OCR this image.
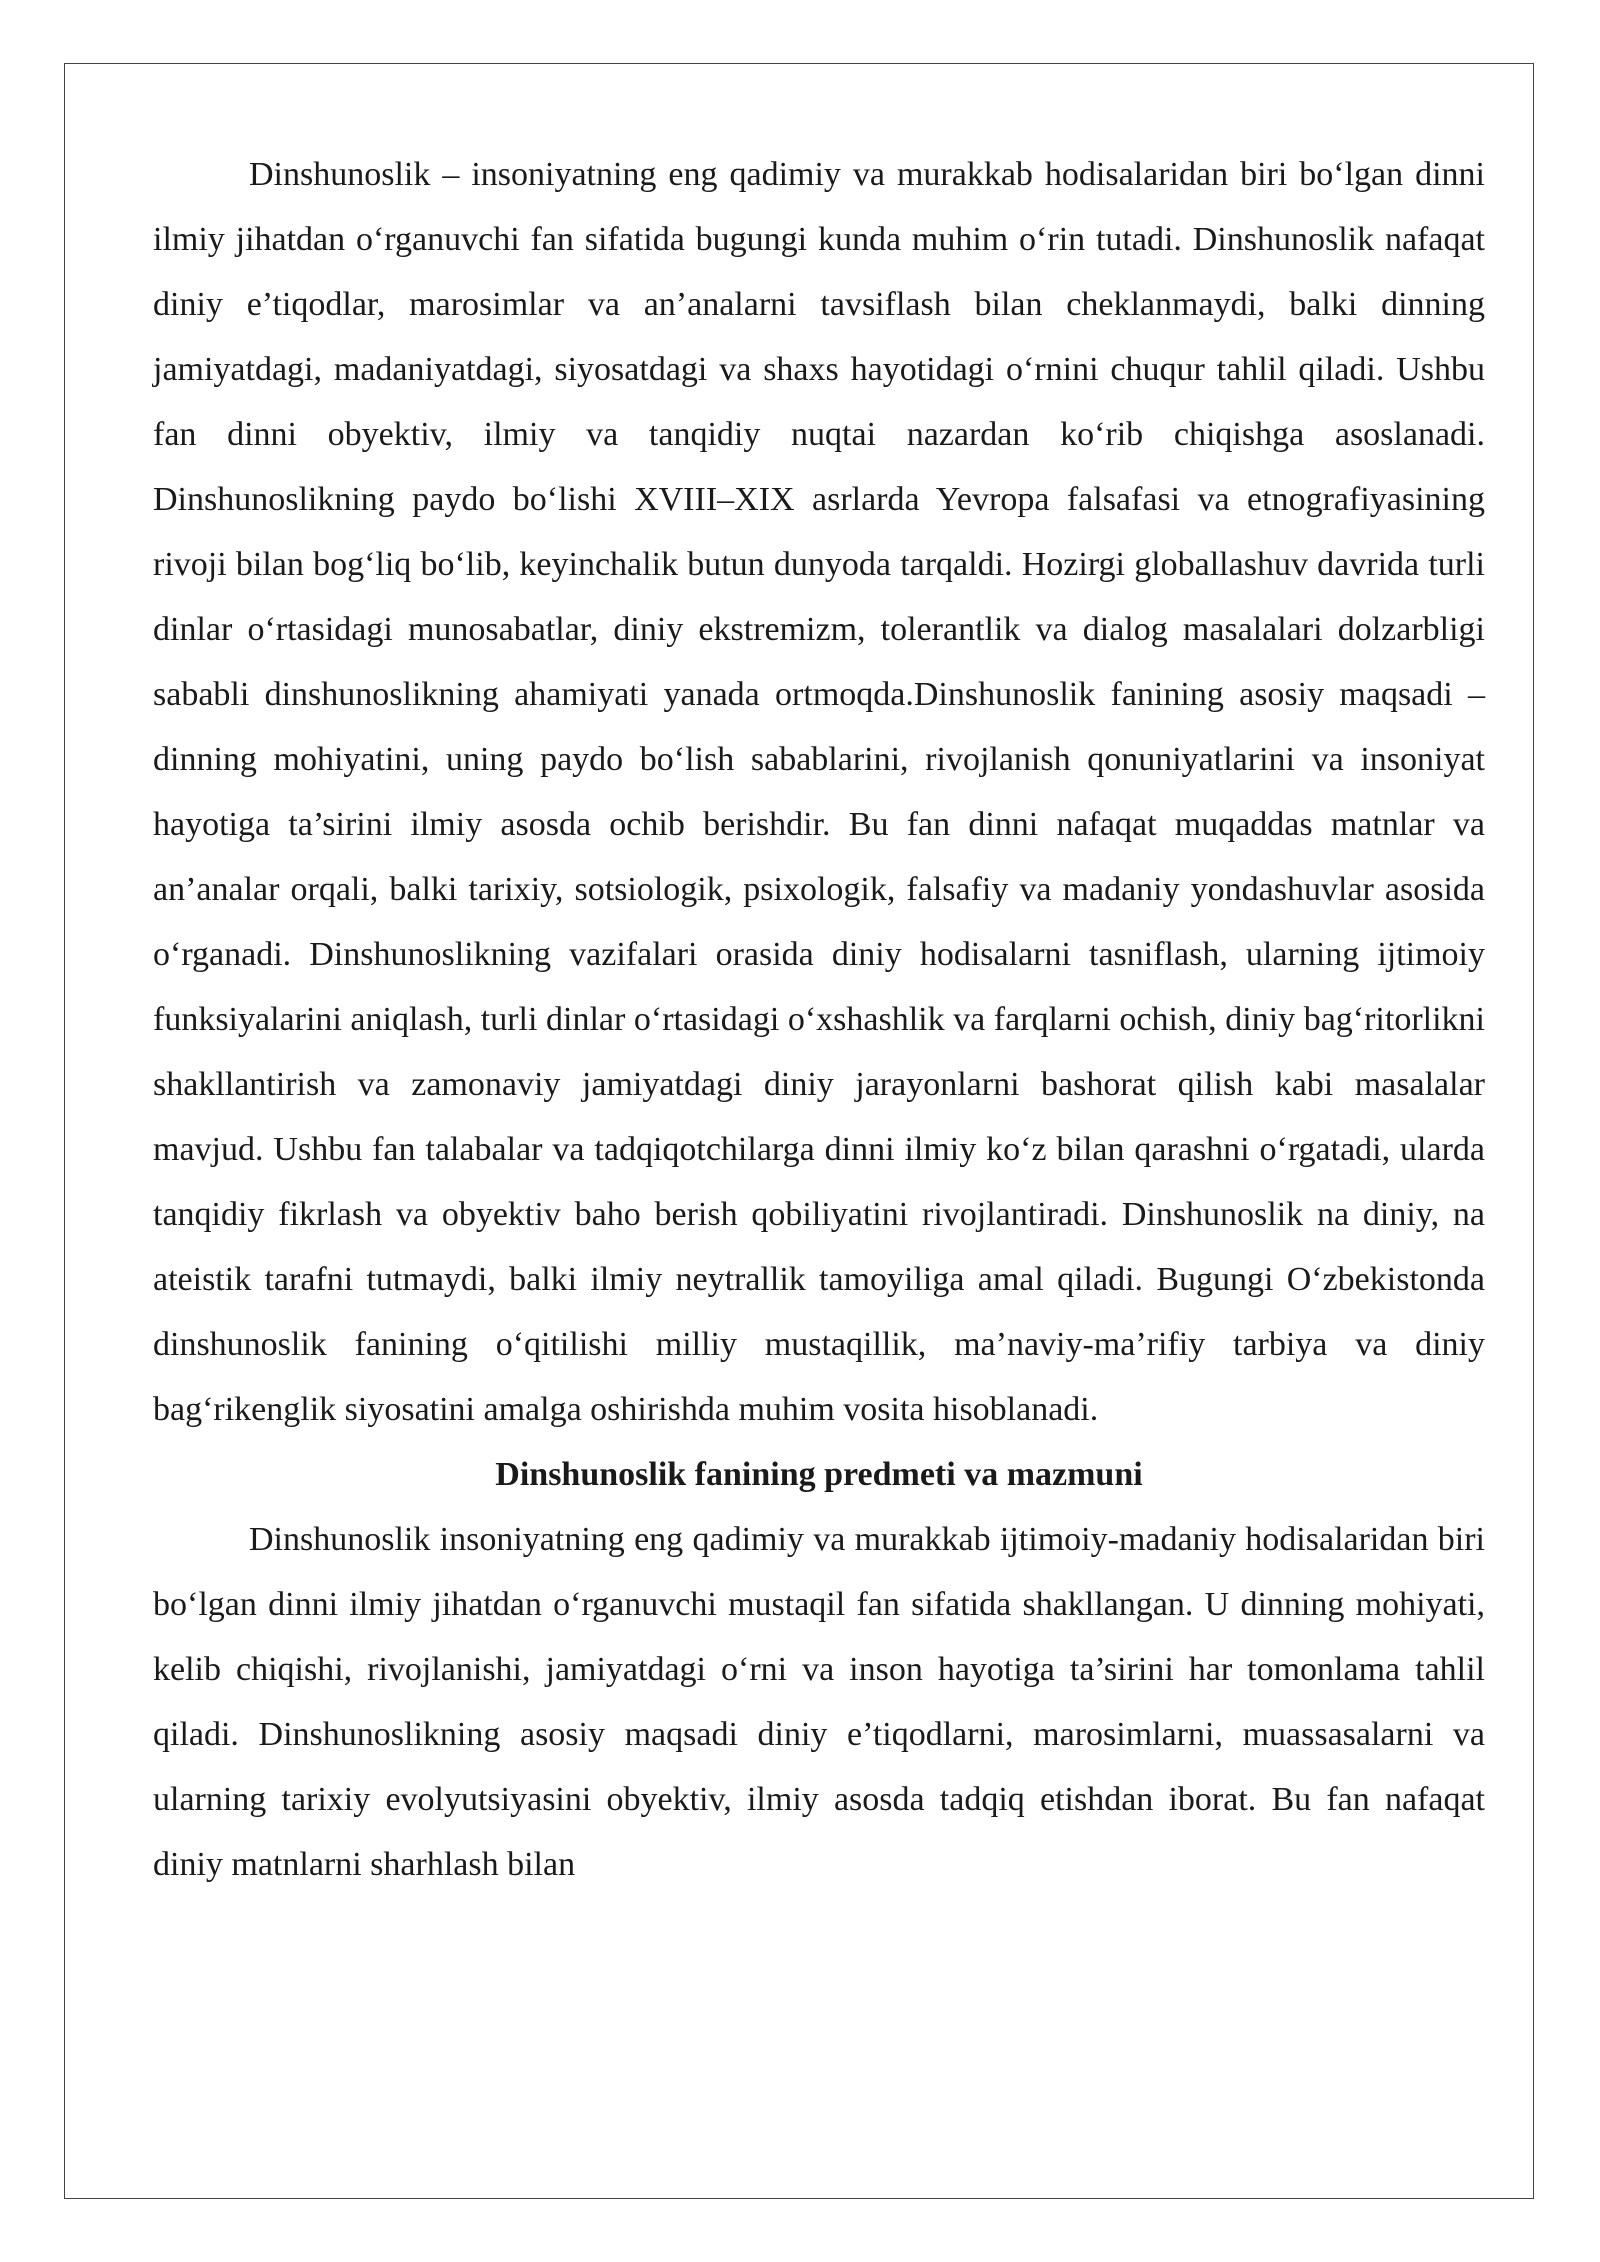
Dinshunoslik – insoniyatning eng qadimiy va murakkab hodisalaridan biri bo‘lgan dinni ilmiy jihatdan o‘rganuvchi fan sifatida bugungi kunda muhim o‘rin tutadi. Dinshunoslik nafaqat diniy e’tiqodlar, marosimlar va an’analarni tavsiflash bilan cheklanmaydi, balki dinning jamiyatdagi, madaniyatdagi, siyosatdagi va shaxs hayotidagi o‘rnini chuqur tahlil qiladi. Ushbu fan dinni obyektiv, ilmiy va tanqidiy nuqtai nazardan ko‘rib chiqishga asoslanadi. Dinshunoslikning paydo bo‘lishi XVIII–XIX asrlarda Yevropa falsafasi va etnografiyasining rivoji bilan bog‘liq bo‘lib, keyinchalik butun dunyoda tarqaldi. Hozirgi globallashuv davrida turli dinlar o‘rtasidagi munosabatlar, diniy ekstremizm, tolerantlik va dialog masalalari dolzarbligi sababli dinshunoslikning ahamiyati yanada ortmoqda.Dinshunoslik fanining asosiy maqsadi – dinning mohiyatini, uning paydo bo‘lish sabablarini, rivojlanish qonuniyatlarini va insoniyat hayotiga ta’sirini ilmiy asosda ochib berishdir. Bu fan dinni nafaqat muqaddas matnlar va an’analar orqali, balki tarixiy, sotsiologik, psixologik, falsafiy va madaniy yondashuvlar asosida o‘rganadi. Dinshunoslikning vazifalari orasida diniy hodisalarni tasniflash, ularning ijtimoiy funksiyalarini aniqlash, turli dinlar o‘rtasidagi o‘xshashlik va farqlarni ochish, diniy bag‘ritorlikni shakllantirish va zamonaviy jamiyatdagi diniy jarayonlarni bashorat qilish kabi masalalar mavjud. Ushbu fan talabalar va tadqiqotchilarga dinni ilmiy ko‘z bilan qarashni o‘rgatadi, ularda tanqidiy fikrlash va obyektiv baho berish qobiliyatini rivojlantiradi. Dinshunoslik na diniy, na ateistik tarafni tutmaydi, balki ilmiy neytrallik tamoyiliga amal qiladi. Bugungi O‘zbekistonda dinshunoslik fanining o‘qitilishi milliy mustaqillik, ma’naviy-ma’rifiy tarbiya va diniy bag‘rikenglik siyosatini amalga oshirishda muhim vosita hisoblanadi.

Dinshunoslik fanining predmeti va mazmuni

Dinshunoslik insoniyatning eng qadimiy va murakkab ijtimoiy-madaniy hodisalaridan biri bo‘lgan dinni ilmiy jihatdan o‘rganuvchi mustaqil fan sifatida shakllangan. U dinning mohiyati, kelib chiqishi, rivojlanishi, jamiyatdagi o‘rni va inson hayotiga ta’sirini har tomonlama tahlil qiladi. Dinshunoslikning asosiy maqsadi diniy e’tiqodlarni, marosimlarni, muassasalarni va ularning tarixiy evolyutsiyasini obyektiv, ilmiy asosda tadqiq etishdan iborat. Bu fan nafaqat diniy matnlarni sharhlash bilan
